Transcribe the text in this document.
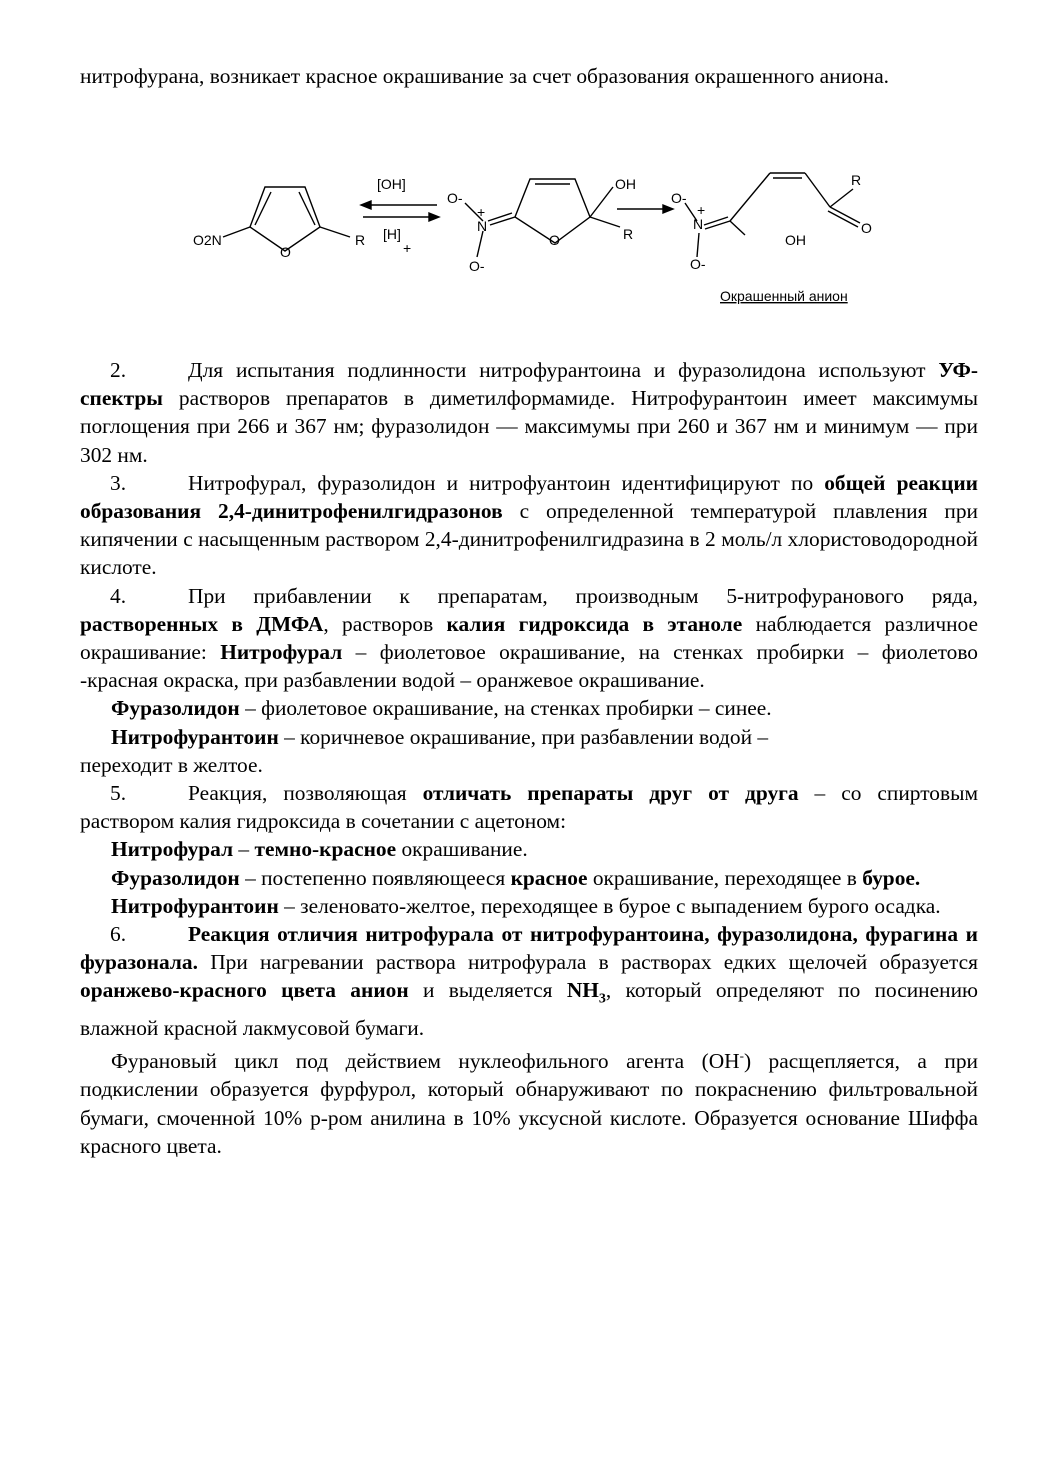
нитрофурана, возникает красное окрашивание за счет образования окрашенного аниона.

O2N
O
R
[OH]
[H]
+
O-
N
+
O-
O
OH
R
O-
N
+
O-
OH
R
O
Окрашенный анион

2.	Для испытания подлинности нитрофурантоина и фуразолидона используют УФ-спектры растворов препаратов в диметилформамиде. Нитрофурантоин имеет максимумы поглощения при 266 и 367 нм; фуразолидон — максимумы при 260 и 367 нм и минимум — при 302 нм.

3.	Нитрофурал, фуразолидон и нитрофуантоин идентифицируют по общей реакции образования 2,4-динитрофенилгидразонов с определенной температурой плавления при кипячении с насыщенным раствором 2,4-динитрофенилгидразина в 2 моль/л хлористоводородной кислоте.

4.	При прибавлении к препаратам, производным 5-нитрофуранового ряда, растворенных в ДМФА, растворов калия гидроксида в этаноле наблюдается различное окрашивание: Нитрофурал – фиолетовое окрашивание, на стенках пробирки – фиолетово -красная окраска, при разбавлении водой – оранжевое окрашивание.

Фуразолидон – фиолетовое окрашивание, на стенках пробирки – синее.

Нитрофурантоин – коричневое окрашивание, при разбавлении водой –

переходит в желтое.

5.	Реакция, позволяющая отличать препараты друг от друга – со спиртовым раствором калия гидроксида в сочетании с ацетоном:

Нитрофурал – темно-красное окрашивание.

Фуразолидон – постепенно появляющееся красное окрашивание, переходящее в бурое.

Нитрофурантоин – зеленовато-желтое, переходящее в бурое с выпадением бурого осадка.

6.	Реакция отличия нитрофурала от нитрофурантоина, фуразолидона, фурагина и фуразонала. При нагревании раствора нитрофурала в растворах едких щелочей образуется оранжево-красного цвета анион и выделяется $NH_3$, который определяют по посинению влажной красной лакмусовой бумаги.

Фурановый цикл под действием нуклеофильного агента (OH-) расщепляется, а при подкислении образуется фурфурол, который обнаруживают по покраснению фильтровальной бумаги, смоченной 10% р-ром анилина в 10% уксусной кислоте. Образуется основание Шиффа красного цвета.
